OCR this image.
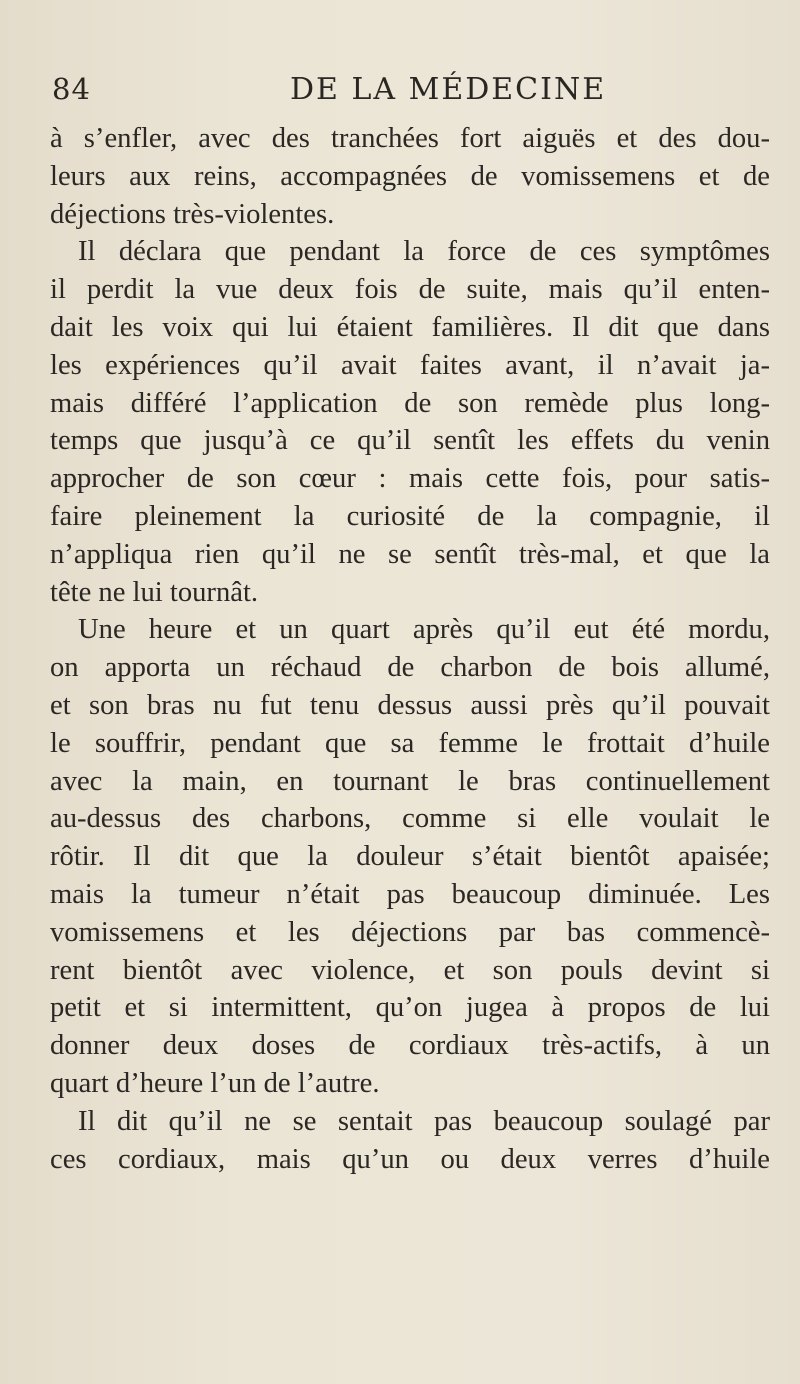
84	DE LA MÉDECINE
à s’enfler, avec des tranchées fort aiguës et des dou-
leurs aux reins, accompagnées de vomissemens et de
déjections très-violentes.
Il déclara que pendant la force de ces symptômes
il perdit la vue deux fois de suite, mais qu’il enten-
dait les voix qui lui étaient familières. Il dit que dans
les expériences qu’il avait faites avant, il n’avait ja-
mais différé l’application de son remède plus long-
temps que jusqu’à ce qu’il sentît les effets du venin
approcher de son cœur : mais cette fois, pour satis-
faire pleinement la curiosité de la compagnie, il
n’appliqua rien qu’il ne se sentît très-mal, et que la
tête ne lui tournât.
Une heure et un quart après qu’il eut été mordu,
on apporta un réchaud de charbon de bois allumé,
et son bras nu fut tenu dessus aussi près qu’il pouvait
le souffrir, pendant que sa femme le frottait d’huile
avec la main, en tournant le bras continuellement
au-dessus des charbons, comme si elle voulait le
rôtir. Il dit que la douleur s’était bientôt apaisée;
mais la tumeur n’était pas beaucoup diminuée. Les
vomissemens et les déjections par bas commencè-
rent bientôt avec violence, et son pouls devint si
petit et si intermittent, qu’on jugea à propos de lui
donner deux doses de cordiaux très-actifs, à un
quart d’heure l’un de l’autre.
Il dit qu’il ne se sentait pas beaucoup soulagé par
ces cordiaux, mais qu’un ou deux verres d’huile
